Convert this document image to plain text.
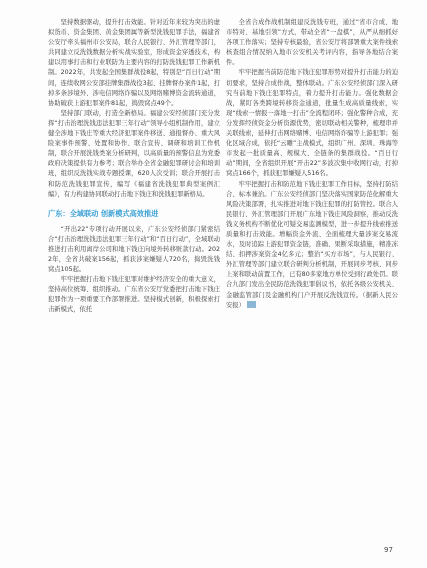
坚持数据驱动，提升打击效能。针对近年来较为突出的虚拟货币、资金集团、黄金集团属等新型洗钱犯罪手法，福建省公安厅牵头福州市公安局，联合人民银行、外汇管理等部门，共同建立反洗钱数据分析实战实验室，形成资金穿透技术，构建以用事打击和行业联防为主要内容的打防洗钱犯罪工作新机制。2022年，共发起全国集群战役8起，特别是“百日行动”期间，连续收网公安部挂牌集群战役3起、挂牌督办案件1起，打掉多条涉境外、涉电信网络诈骗以及网络赌博资金流转通道，协助破获上游犯罪案件81起，捣毁窝点49个。

坚持部门联动，打造全新格局。福建公安经侦部门充分发挥“打击治理洗钱违法犯罪三年行动”领导小组机制作用，建立健全涉地下钱庄等重大经济犯罪案件移送、通报督办、重大风险案事件预警、处置和协作、联合宣传、调研和培训工作机制，联合开展洗钱类案分析研判，以高质量的预警信息为党委政府决策提供有力参考；联合举办全省金融犯罪研讨会和培训班，组织反洗钱实战专题授课，620人次受训；联合开展打击和防范洗钱犯罪宣传，编写《福建省洗钱犯罪典型案例汇编》，有力构建协同联动打击地下钱庄和洗钱犯罪新格局。

广东：全域联动 创新模式高效推进

“开出22”专项行动开展以来，广东公安经侦部门紧密结合“打击治理洗钱违法犯罪三年行动”和“百日行动”，全域联动推进打击利用离岸公司和地下钱庄向境外转移赃款行动。2022年，全省共破案156起，抓获涉案嫌疑人720名，捣毁洗钱窝点105起。

牢牢把握打击地下钱庄犯罪对维护经济安全的重大意义，坚持高位统筹、组织推动。广东省公安厅党委把打击地下钱庄犯罪作为一项重要工作部署推进。坚持模式创新，积极探索打击新模式，依托

全省合成作战机制组建反洗钱专班，通过“省市合成、地市特对、基地引领”方式，带动全省“一盘棋”，从严从细抓好各项工作落实；坚持专核最验，省公安厅将部署重大案件线索核查组合情况纳入地市公安机关考评内容，指导各地结合案件。

牢牢把握当前防范地下钱庄犯罪形势对提升打击能力的迫切要求，坚持合成作战，整体联动。广东公安经侦部门深入研究当前地下钱庄犯罪特点，着力提升打击能力。强化数据会战，紧盯各类跨境转移资金通道，批量生成高质量线索，实现“线索一情报一落地一打击”全流程闭环；强化警种合成，充分发挥经侦资金分析资源优势，密切联动相关警种，梳理串并关联线索，延伸打击网络赌博、电信网络诈骗等上游犯罪；强化区域合成，依托“云雕”主战模式，组织广州、深圳、珠海等市发起一批质量高、规模大、全链条的集群战役。“百日行动”期间，全省组织开展“开击22”多波次集中收网行动，打掉窝点166个，抓获犯罪嫌疑人516名。

牢牢把握打击和防范地下钱庄犯罪工作目标，坚持打防结合、标本兼治。广东公安经侦部门坚决落实国家防范化解重大风险决策部署，扎实推进对地下钱庄犯罪的打防管控。联合人民银行、外汇管理部门开展广东地下钱庄风险洞察，推动反洗钱义务机构不断优化可疑交易监测模型，进一步提升线索推送质量和打击效能。增幅资金外流、全面梳理大量涉案交易流水，及时追踪上游犯罪资金链，准确、果断采取措施，精准冻结、扣押涉案资金4亿多元；整治“买方市场”，与人民银行、外汇管理等部门建立联合研判分析机制，开展同步考核、同步上案和联动前置工作，已有80多家地方单位受到行政处罚。联合九部门发出全民防范洗钱犯罪倡议书，依托各级公安机关、金融监管部门及金融机构门户开展反洗钱宣传。（据新人民公安报）	图片

97
